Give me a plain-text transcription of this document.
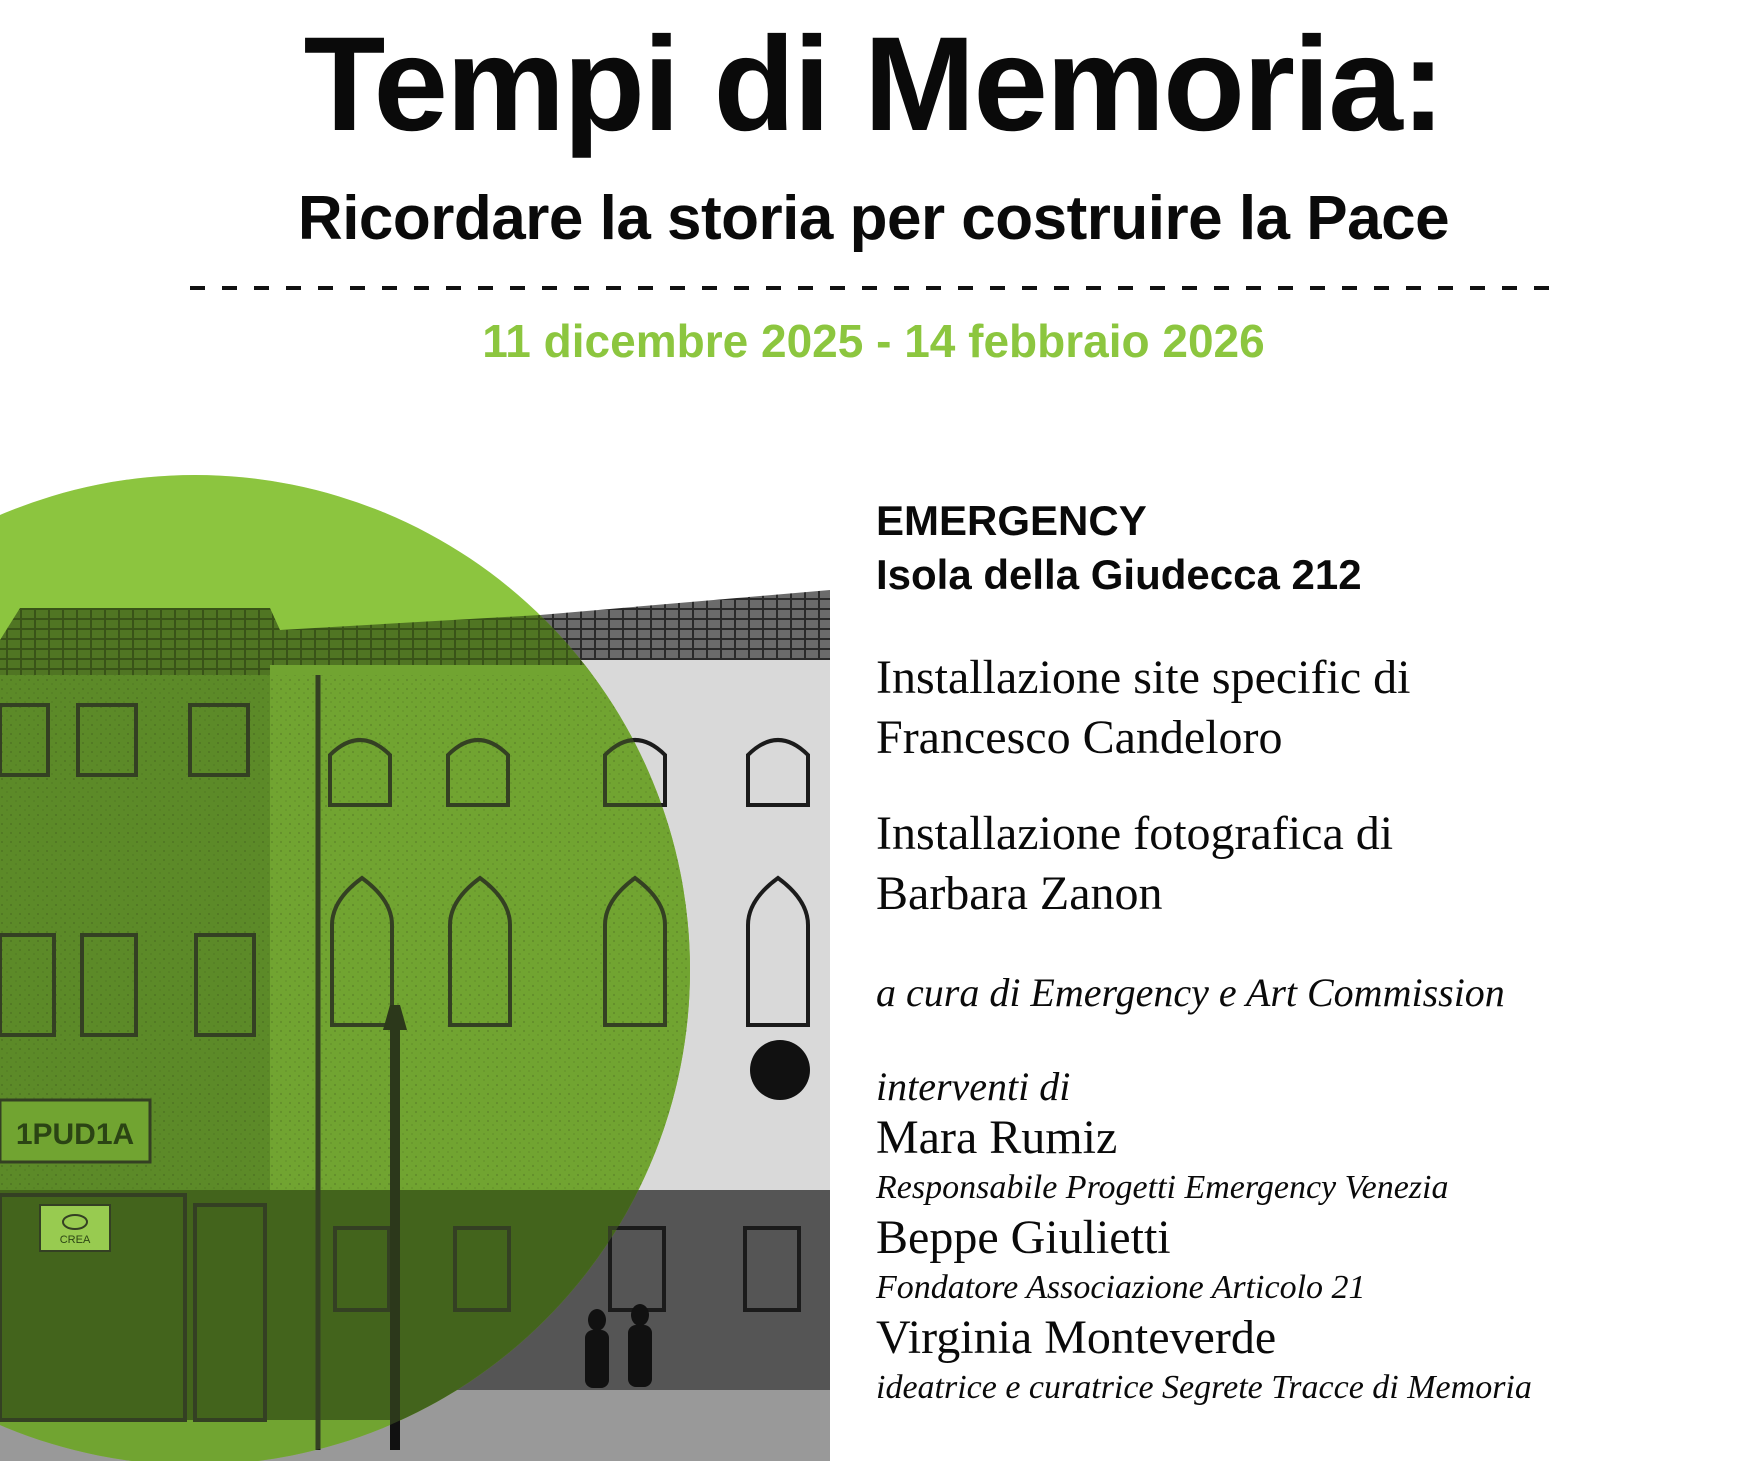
Tempi di Memoria:
Ricordare la storia per costruire la Pace
11 dicembre 2025 - 14 febbraio 2026
1PUD1A
CREA
EMERGENCY
Isola della Giudecca 212
Installazione site specific di
Francesco Candeloro
Installazione fotografica di
Barbara Zanon
a cura di Emergency e Art Commission
interventi di
Mara Rumiz
Responsabile Progetti Emergency Venezia
Beppe Giulietti
Fondatore Associazione Articolo 21
Virginia Monteverde
ideatrice e curatrice Segrete Tracce di Memoria
